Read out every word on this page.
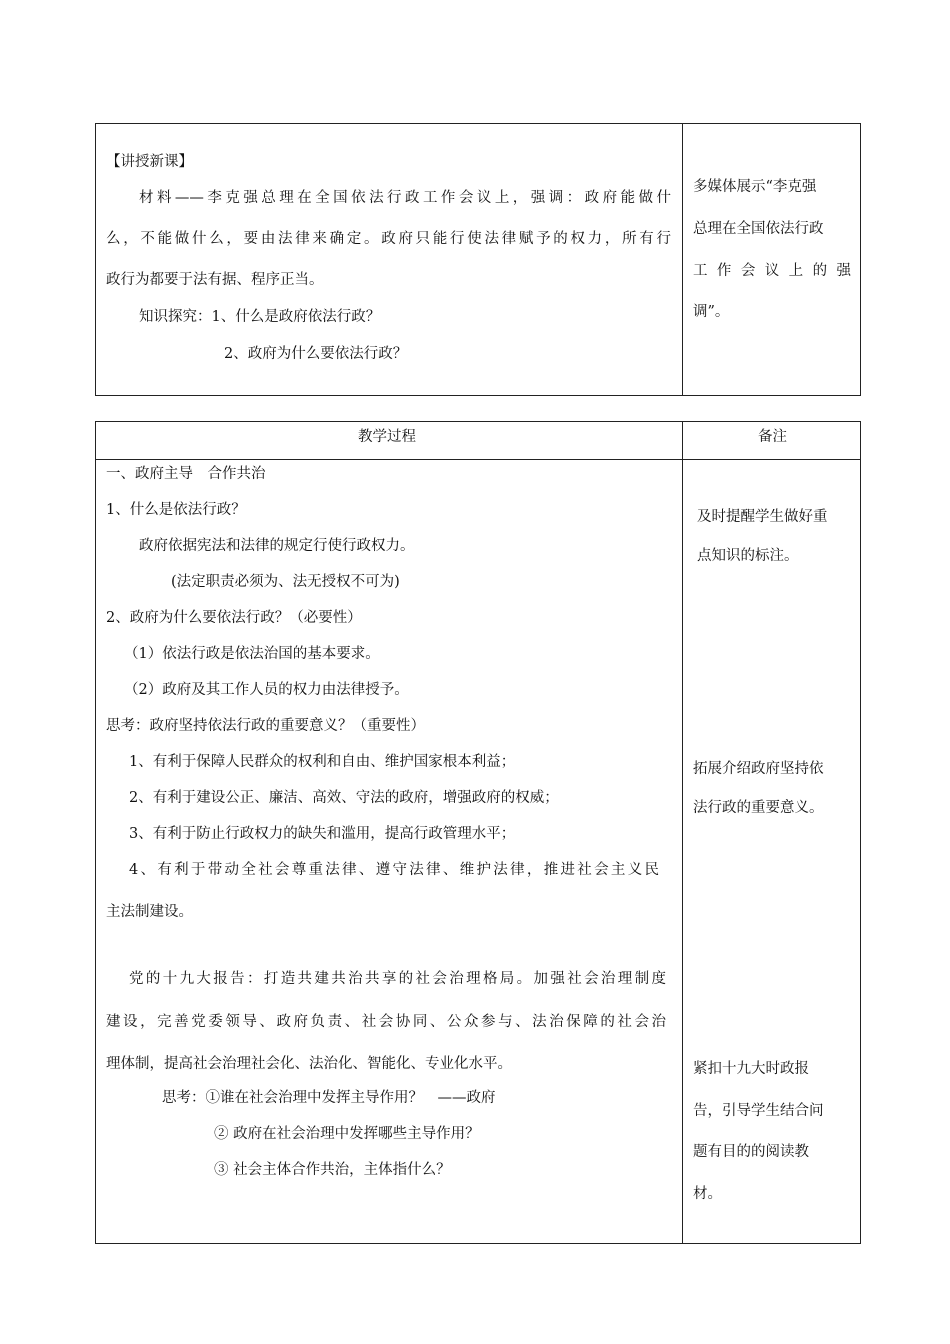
【讲授新课】
材料——李克强总理在全国依法行政工作会议上，强调：政府能做什
么，不能做什么，要由法律来确定。政府只能行使法律赋予的权力，所有行
政行为都要于法有据、程序正当。
知识探究：1、什么是政府依法行政？
2、政府为什么要依法行政？
多媒体展示“李克强
总理在全国依法行政
工作会议上的强
调”。
教学过程	备注
一、政府主导　合作共治
1、什么是依法行政？
政府依据宪法和法律的规定行使行政权力。
(法定职责必须为、法无授权不可为)
2、政府为什么要依法行政？（必要性）
（1）依法行政是依法治国的基本要求。
（2）政府及其工作人员的权力由法律授予。
思考：政府坚持依法行政的重要意义？（重要性）
1、有利于保障人民群众的权利和自由、维护国家根本利益；
2、有利于建设公正、廉洁、高效、守法的政府，增强政府的权威；
3、有利于防止行政权力的缺失和滥用，提高行政管理水平；
4、有利于带动全社会尊重法律、遵守法律、维护法律，推进社会主义民
主法制建设。
党的十九大报告：打造共建共治共享的社会治理格局。加强社会治理制度
建设，完善党委领导、政府负责、社会协同、公众参与、法治保障的社会治
理体制，提高社会治理社会化、法治化、智能化、专业化水平。
思考：①谁在社会治理中发挥主导作用？　——政府
② 政府在社会治理中发挥哪些主导作用？
③ 社会主体合作共治，主体指什么？
及时提醒学生做好重
点知识的标注。
拓展介绍政府坚持依
法行政的重要意义。
紧扣十九大时政报
告，引导学生结合问
题有目的的阅读教
材。
